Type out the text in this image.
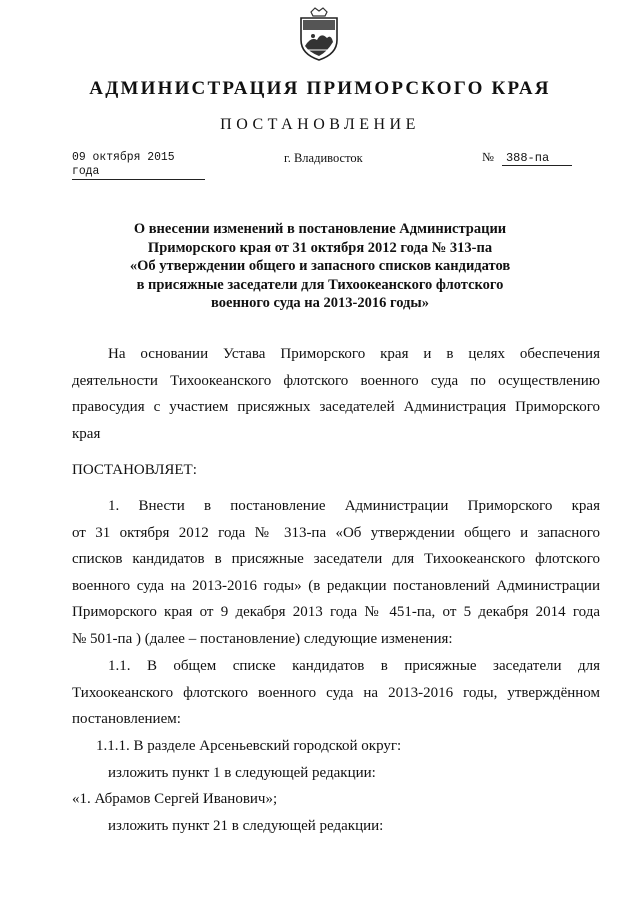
АДМИНИСТРАЦИЯ ПРИМОРСКОГО КРАЯ
ПОСТАНОВЛЕНИЕ
09 октября 2015 года
г. Владивосток	№ 388-па
О внесении изменений в постановление Администрации
Приморского края от 31 октября 2012 года № 313-па
«Об утверждении общего и запасного списков кандидатов
в присяжные заседатели для Тихоокеанского флотского
военного суда на 2013-2016 годы»
На основании Устава Приморского края и в целях обеспечения
деятельности Тихоокеанского флотского военного суда по осуществлению
правосудия с участием присяжных заседателей Администрация Приморского
края
ПОСТАНОВЛЯЕТ:
1. Внести в постановление Администрации Приморского края
от 31 октября 2012 года № 313-па «Об утверждении общего и запасного
списков кандидатов в присяжные заседатели для Тихоокеанского флотского
военного суда на 2013-2016 годы» (в редакции постановлений Администрации
Приморского края от 9 декабря 2013 года № 451-па, от 5 декабря 2014 года
№ 501-па ) (далее – постановление) следующие изменения:
1.1. В общем списке кандидатов в присяжные заседатели для
Тихоокеанского флотского военного суда на 2013-2016 годы, утверждённом
постановлением:
1.1.1. В разделе Арсеньевский городской округ:
изложить пункт 1 в следующей редакции:
«1. Абрамов Сергей Иванович»;
изложить пункт 21 в следующей редакции:
